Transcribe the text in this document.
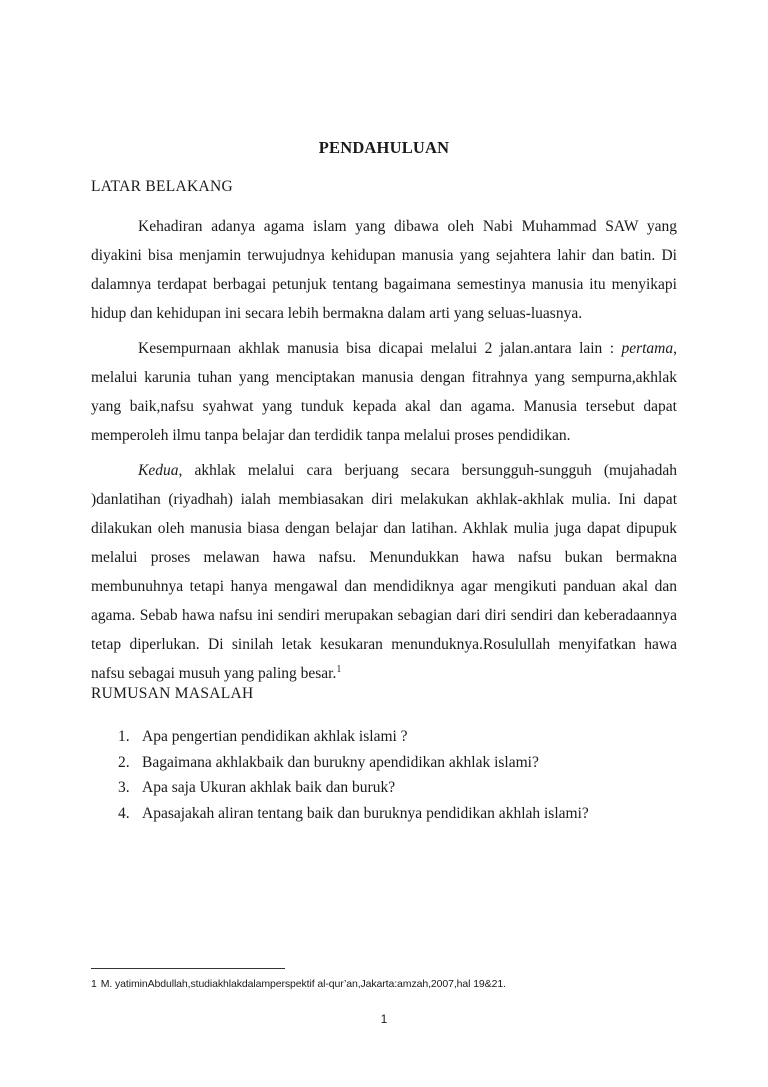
PENDAHULUAN
LATAR BELAKANG

Kehadiran adanya agama islam yang dibawa oleh Nabi Muhammad SAW yang diyakini bisa menjamin terwujudnya kehidupan manusia yang sejahtera lahir dan batin. Di dalamnya terdapat berbagai petunjuk tentang bagaimana semestinya manusia itu menyikapi hidup dan kehidupan ini secara lebih bermakna dalam arti yang seluas-luasnya.

Kesempurnaan akhlak manusia bisa dicapai melalui 2 jalan.antara lain : pertama, melalui karunia tuhan yang menciptakan manusia dengan fitrahnya yang sempurna,akhlak yang baik,nafsu syahwat yang tunduk kepada akal dan agama. Manusia tersebut dapat memperoleh ilmu tanpa belajar dan terdidik tanpa melalui proses pendidikan.

Kedua, akhlak melalui cara berjuang secara bersungguh-sungguh (mujahadah )danlatihan (riyadhah) ialah membiasakan diri melakukan akhlak-akhlak mulia. Ini dapat dilakukan oleh manusia biasa dengan belajar dan latihan. Akhlak mulia juga dapat dipupuk melalui proses melawan hawa nafsu. Menundukkan hawa nafsu bukan bermakna membunuhnya tetapi hanya mengawal dan mendidiknya agar mengikuti panduan akal dan agama. Sebab hawa nafsu ini sendiri merupakan sebagian dari diri sendiri dan keberadaannya tetap diperlukan. Di sinilah letak kesukaran menunduknya.Rosulullah menyifatkan hawa nafsu sebagai musuh yang paling besar.$^1$

RUMUSAN MASALAH
1. Apa pengertian pendidikan akhlak islami ?
2. Bagaimana akhlakbaik dan burukny apendidikan akhlak islami?
3. Apa saja Ukuran akhlak baik dan buruk?
4. Apasajakah aliran tentang baik dan buruknya pendidikan akhlah islami?
1 M. yatiminAbdullah,studiakhlakdalamperspektif al-qur’an,Jakarta:amzah,2007,hal 19&21.
1
